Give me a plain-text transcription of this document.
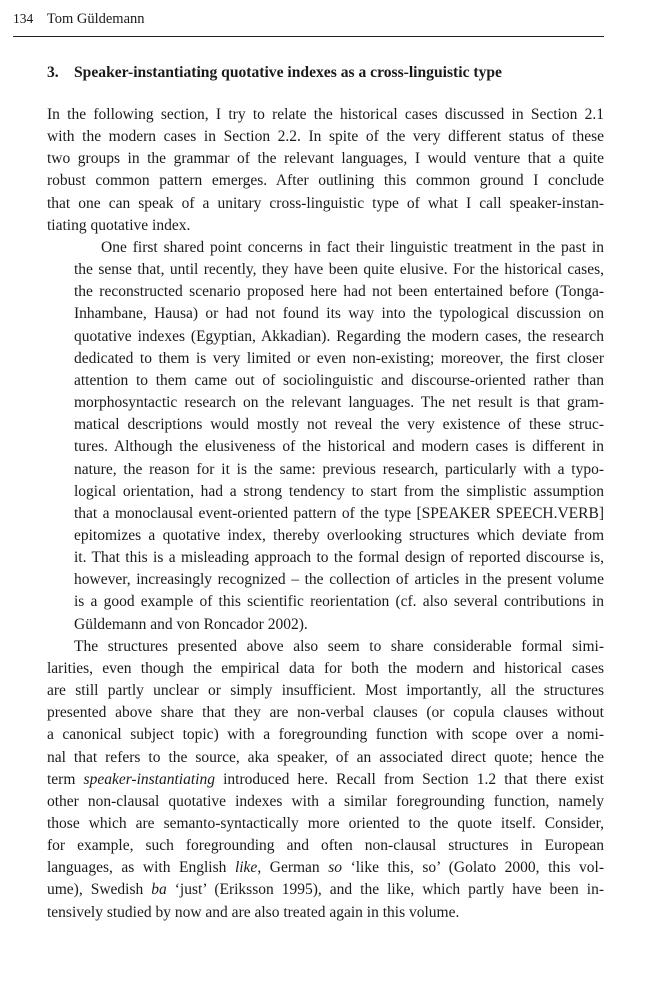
134 Tom Güldemann
3. Speaker-instantiating quotative indexes as a cross-linguistic type

In the following section, I try to relate the historical cases discussed in Section 2.1
with the modern cases in Section 2.2. In spite of the very different status of these
two groups in the grammar of the relevant languages, I would venture that a quite
robust common pattern emerges. After outlining this common ground I conclude
that one can speak of a unitary cross-linguistic type of what I call speaker-instan-
tiating quotative index.

One first shared point concerns in fact their linguistic treatment in the past in
the sense that, until recently, they have been quite elusive. For the historical cases,
the reconstructed scenario proposed here had not been entertained before (Tonga-
Inhambane, Hausa) or had not found its way into the typological discussion on
quotative indexes (Egyptian, Akkadian). Regarding the modern cases, the research
dedicated to them is very limited or even non-existing; moreover, the first closer
attention to them came out of sociolinguistic and discourse-oriented rather than
morphosyntactic research on the relevant languages. The net result is that gram-
matical descriptions would mostly not reveal the very existence of these struc-
tures. Although the elusiveness of the historical and modern cases is different in
nature, the reason for it is the same: previous research, particularly with a typo-
logical orientation, had a strong tendency to start from the simplistic assumption
that a monoclausal event-oriented pattern of the type [SPEAKER SPEECH.VERB]
epitomizes a quotative index, thereby overlooking structures which deviate from
it. That this is a misleading approach to the formal design of reported discourse is,
however, increasingly recognized – the collection of articles in the present volume
is a good example of this scientific reorientation (cf. also several contributions in
Güldemann and von Roncador 2002).

The structures presented above also seem to share considerable formal simi-
larities, even though the empirical data for both the modern and historical cases
are still partly unclear or simply insufficient. Most importantly, all the structures
presented above share that they are non-verbal clauses (or copula clauses without
a canonical subject topic) with a foregrounding function with scope over a nomi-
nal that refers to the source, aka speaker, of an associated direct quote; hence the
term speaker-instantiating introduced here. Recall from Section 1.2 that there exist
other non-clausal quotative indexes with a similar foregrounding function, namely
those which are semanto-syntactically more oriented to the quote itself. Consider,
for example, such foregrounding and often non-clausal structures in European
languages, as with English like, German so ‘like this, so’ (Golato 2000, this vol-
ume), Swedish ba ‘just’ (Eriksson 1995), and the like, which partly have been in-
tensively studied by now and are also treated again in this volume.
